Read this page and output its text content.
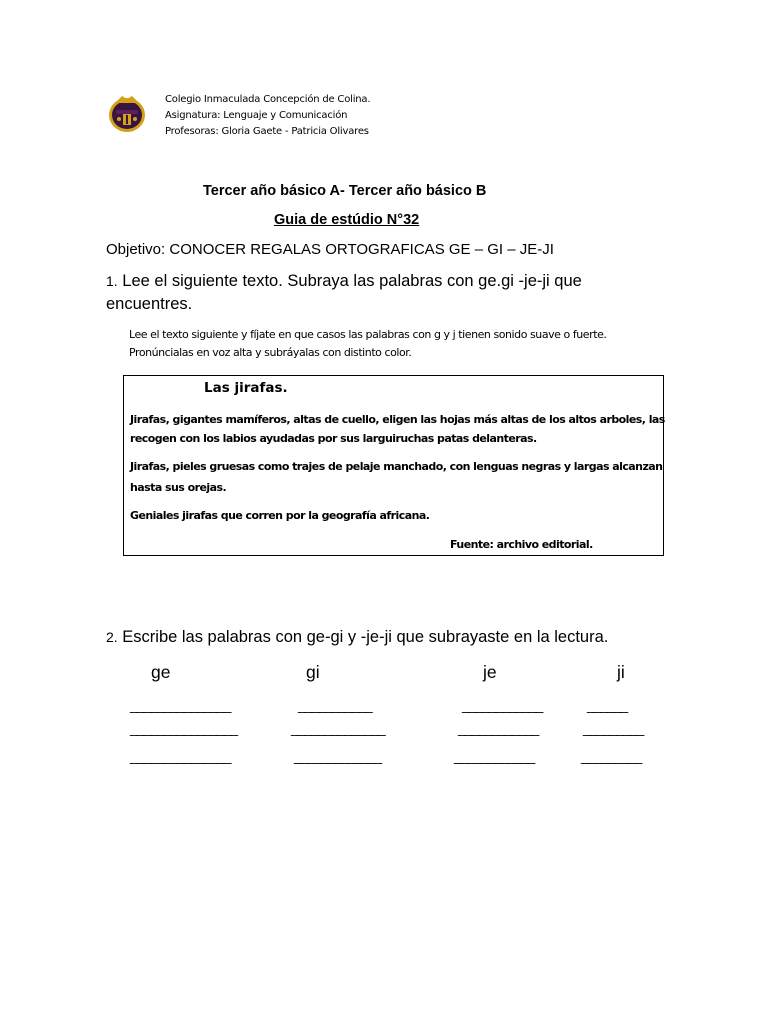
Colegio Inmaculada Concepción de Colina.
Asignatura: Lenguaje y Comunicación
Profesoras: Gloria Gaete - Patricia Olivares
Tercer año básico A- Tercer año básico B
Guia de estúdio N°32
Objetivo: CONOCER REGALAS ORTOGRAFICAS GE – GI – JE-JI
1. Lee el siguiente texto. Subraya las palabras con ge.gi -je-ji que
encuentres.
Lee el texto siguiente y fíjate en que casos las palabras con g y j tienen sonido suave o fuerte.
Pronúncialas en voz alta y subráyalas con distinto color.
Las jirafas.
Jirafas, gigantes mamíferos, altas de cuello, eligen las hojas más altas de los altos arboles, las
recogen con los labios ayudadas por sus larguiruchas patas delanteras.
Jirafas, pieles gruesas como trajes de pelaje manchado, con lenguas negras y largas alcanzan
hasta sus orejas.
Geniales jirafas que corren por la geografía africana.
Fuente: archivo editorial.
2. Escribe las palabras con ge-gi y -je-ji que subrayaste en la lectura.
ge	gi	je	ji
_______________	___________	____________	______
________________	______________	____________	_________
_______________	_____________	____________	_________
